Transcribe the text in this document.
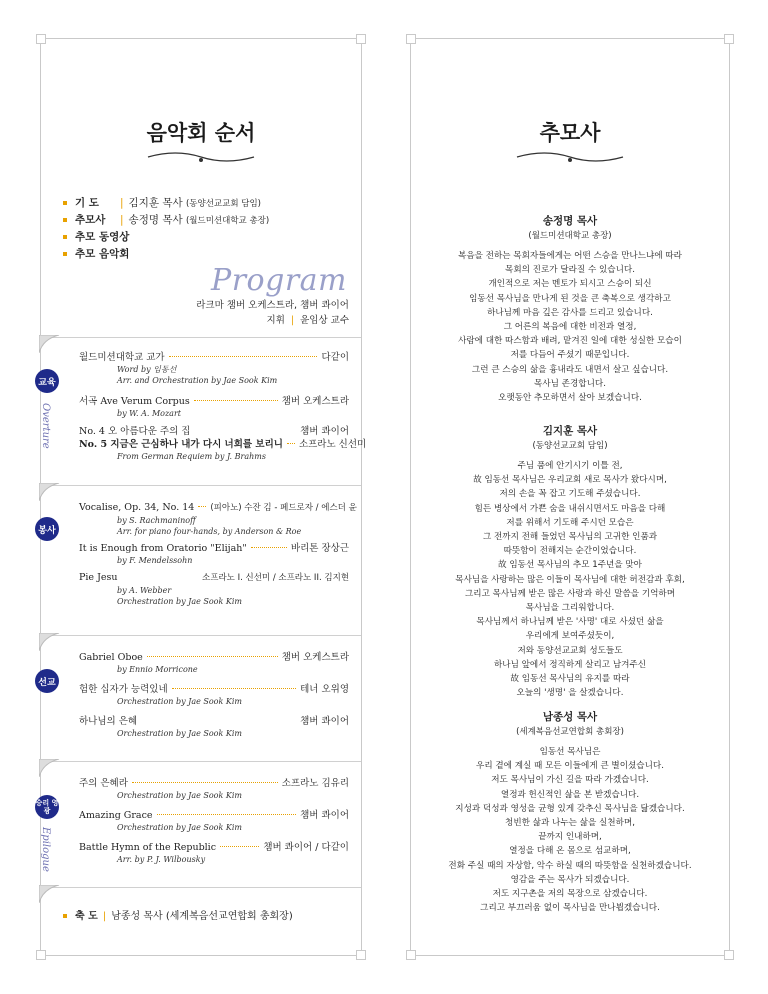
음악회 순서
기 도 | 김지훈 목사 (동양선교교회 담임)
추모사 | 송정명 목사 (월드미션대학교 총장)
추모 동영상
추모 음악회
Program
라크마 챔버 오케스트라, 챔버 콰이어
지휘 | 윤임상 교수
교육
Overture
월드미션대학교 교가	다같이
Word by 임동선
Arr. and Orchestration by Jae Sook Kim
서곡 Ave Verum Corpus	챔버 오케스트라
by W. A. Mozart
No. 4 오 아름다운 주의 집	챔버 콰이어
No. 5 지금은 근심하나 내가 다시 너희를 보리니 소프라노 신선미
From German Requiem by J. Brahms
봉사
Vocalise, Op. 34, No. 14 (피아노) 수잔 김 - 페드로자 / 에스더 윤
by S. Rachmaninoff
Arr. for piano four-hands, by Anderson & Roe
It is Enough from Oratorio "Elijah"	바리톤 장상근
by F. Mendelssohn
Pie Jesu	소프라노 I. 신선미 / 소프라노 II. 김지현
by A. Webber
Orchestration by Jae Sook Kim
선교
Gabriel Oboe	챔버 오케스트라
by Ennio Morricone
험한 십자가 능력있네	테너 오위영
Orchestration by Jae Sook Kim
하나님의 은혜	챔버 콰이어
Orchestration by Jae Sook Kim
승리 영광
Epilogue
주의 은혜라	소프라노 김유리
Orchestration by Jae Sook Kim
Amazing Grace	챔버 콰이어
Orchestration by Jae Sook Kim
Battle Hymn of the Republic	챔버 콰이어 / 다같이
Arr. by P. J. Wilbousky
축 도 | 남종성 목사 (세계복음선교연합회 총회장)
추모사
송정명 목사
(월드미션대학교 총장)
복음을 전하는 목회자들에게는 어떤 스승을 만나느냐에 따라
목회의 진로가 달라질 수 있습니다.
개인적으로 저는 멘토가 되시고 스승이 되신
임동선 목사님을 만나게 된 것을 큰 축복으로 생각하고
하나님께 마음 깊은 감사를 드리고 있습니다.
그 어른의 복음에 대한 비전과 열정,
사람에 대한 따스함과 배려, 맡겨진 일에 대한 성실한 모습이
저를 다듬어 주셨기 때문입니다.
그런 큰 스승의 삶을 흉내라도 내면서 살고 싶습니다.
목사님 존경합니다.
오랫동안 추모하면서 살아 보겠습니다.
김지훈 목사
(동양선교교회 담임)
주님 품에 안기시기 이틀 전,
故 임동선 목사님은 우리교회 새로 목사가 왔다시며,
저의 손을 꼭 잡고 기도해 주셨습니다.
힘든 병상에서 가쁜 숨을 내쉬시면서도 마음을 다해
저를 위해서 기도해 주시던 모습은
그 전까지 전해 들었던 목사님의 고귀한 인품과
따뜻함이 전해지는 순간이었습니다.
故 임동선 목사님의 추모 1주년을 맞아
목사님을 사랑하는 많은 이들이 목사님에 대한 허전감과 후회,
그리고 목사님께 받은 많은 사랑과 하신 말씀을 기억하며
목사님을 그리워합니다.
목사님께서 하나님께 받은 '사명' 대로 사셨던 삶을
우리에게 보여주셨듯이,
저와 동양선교교회 성도들도
하나님 앞에서 정직하게 살리고 남겨주신
故 임동선 목사님의 유지를 따라
오늘의 '생명' 을 살겠습니다.
남종성 목사
(세계복음선교연합회 총회장)
임동선 목사님은
우리 곁에 계실 때 모든 이들에게 큰 별이셨습니다.
저도 목사님이 가신 길을 따라 가겠습니다.
열정과 헌신적인 삶을 본 받겠습니다.
지성과 덕성과 영성을 균형 있게 갖추신 목사님을 닮겠습니다.
청빈한 삶과 나누는 삶을 실천하며,
끝까지 인내하며,
열정을 다해 온 몸으로 섬교하며,
전화 주실 때의 자상함, 악수 하실 때의 따뜻함을 실천하겠습니다.
영감을 주는 목사가 되겠습니다.
저도 지구촌을 저의 목장으로 삼겠습니다.
그리고 부끄러움 없이 목사님을 만나뵙겠습니다.
